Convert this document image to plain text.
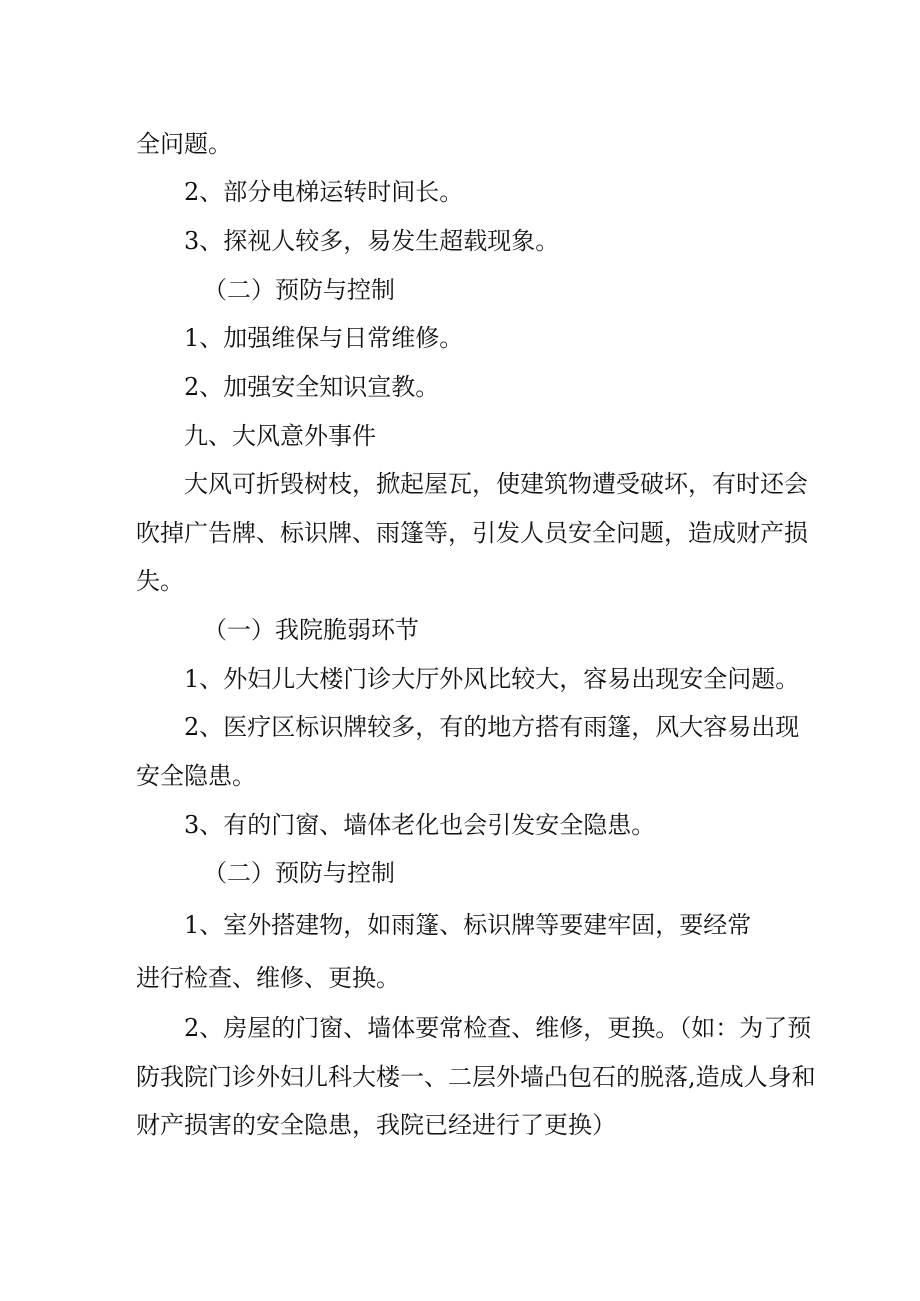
全问题。

2、部分电梯运转时间长。

3、探视人较多，易发生超载现象。

（二）预防与控制

1、加强维保与日常维修。

2、加强安全知识宣教。

九、大风意外事件

大风可折毁树枝，掀起屋瓦，使建筑物遭受破坏，有时还会

吹掉广告牌、标识牌、雨篷等，引发人员安全问题，造成财产损

失。

（一）我院脆弱环节

1、外妇儿大楼门诊大厅外风比较大，容易出现安全问题。

2、医疗区标识牌较多，有的地方搭有雨篷，风大容易出现

安全隐患。

3、有的门窗、墙体老化也会引发安全隐患。

（二）预防与控制

1、室外搭建物，如雨篷、标识牌等要建牢固，要经常

进行检查、维修、更换。

2、房屋的门窗、墙体要常检查、维修，更换。（如：为了预

防我院门诊外妇儿科大楼一、二层外墙凸包石的脱落,造成人身和

财产损害的安全隐患，我院已经进行了更换）
